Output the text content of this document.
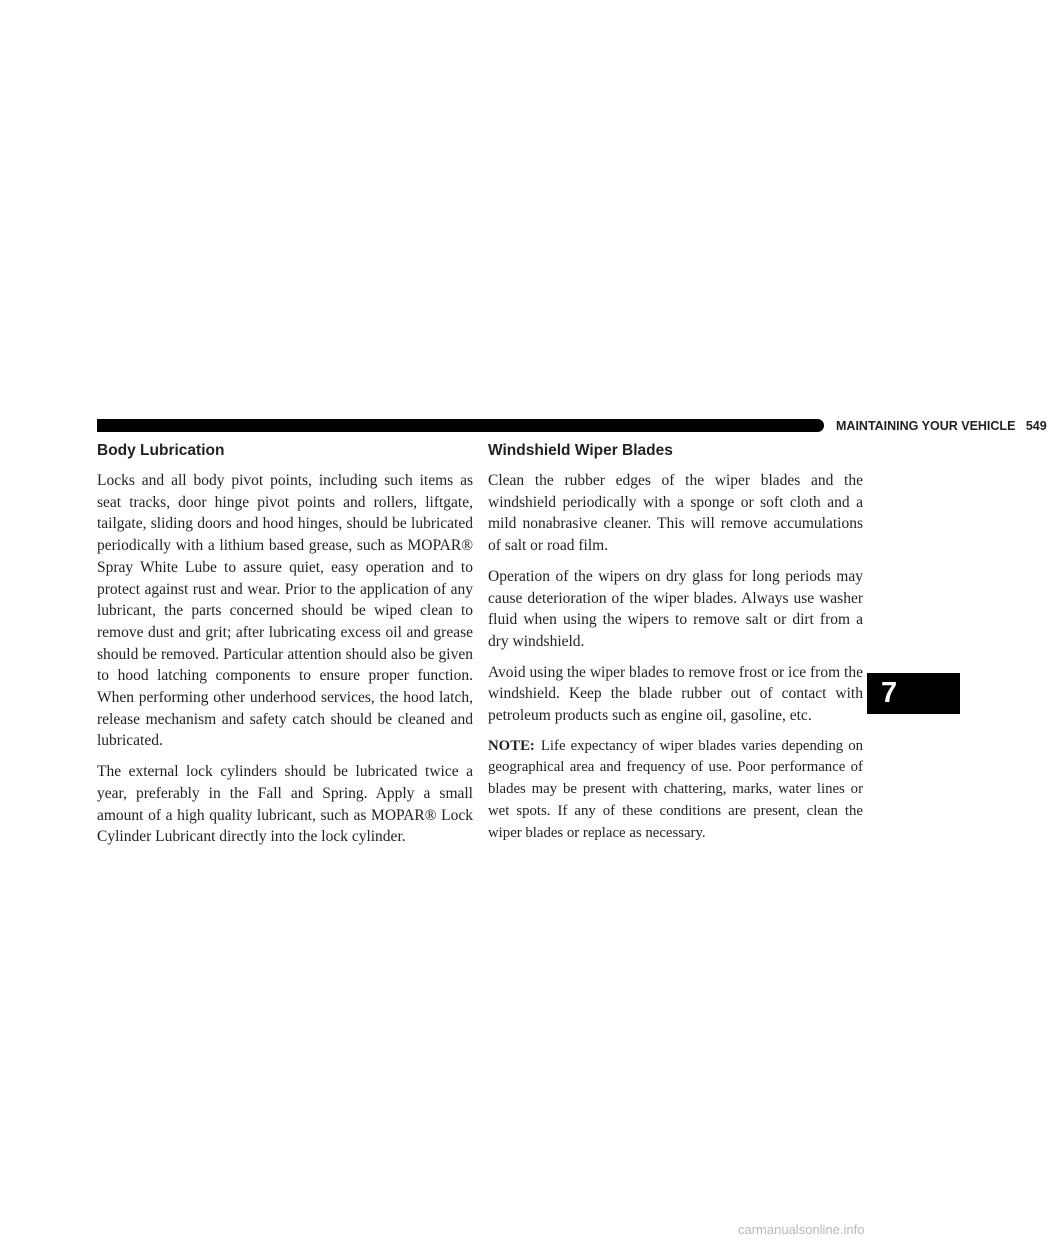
MAINTAINING YOUR VEHICLE 549
Body Lubrication

Locks and all body pivot points, including such items as seat tracks, door hinge pivot points and rollers, liftgate, tailgate, sliding doors and hood hinges, should be lubricated periodically with a lithium based grease, such as MOPAR® Spray White Lube to assure quiet, easy operation and to protect against rust and wear. Prior to the application of any lubricant, the parts concerned should be wiped clean to remove dust and grit; after lubricating excess oil and grease should be removed. Particular attention should also be given to hood latching components to ensure proper function. When performing other underhood services, the hood latch, release mechanism and safety catch should be cleaned and lubricated.

The external lock cylinders should be lubricated twice a year, preferably in the Fall and Spring. Apply a small amount of a high quality lubricant, such as MOPAR® Lock Cylinder Lubricant directly into the lock cylinder.

Windshield Wiper Blades

Clean the rubber edges of the wiper blades and the windshield periodically with a sponge or soft cloth and a mild nonabrasive cleaner. This will remove accumulations of salt or road film.

Operation of the wipers on dry glass for long periods may cause deterioration of the wiper blades. Always use washer fluid when using the wipers to remove salt or dirt from a dry windshield.

Avoid using the wiper blades to remove frost or ice from the windshield. Keep the blade rubber out of contact with petroleum products such as engine oil, gasoline, etc.

NOTE: Life expectancy of wiper blades varies depending on geographical area and frequency of use. Poor performance of blades may be present with chattering, marks, water lines or wet spots. If any of these conditions are present, clean the wiper blades or replace as necessary.

7
carmanualsonline.info
